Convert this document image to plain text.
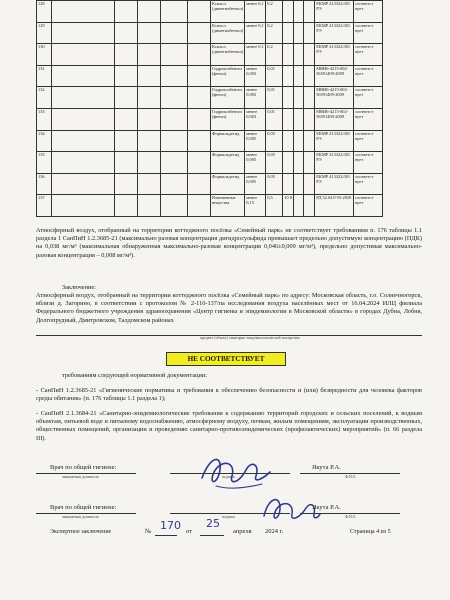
128						Ксилол (диметилбензол)	менее 0,1	0,2				ЕКМР 413322.001 РЭ	соответст вует
129						Ксилол (диметилбензол)	менее 0,1	0,2				ЕКМР 413322.001 РЭ	соответст вует
130						Ксилол (диметилбензол)	менее 0,1	0,2				ЕКМР 413322.001 РЭ	соответст вует
131						Гидроксибензол (фенол)	менее 0,003	0,01				МВИ6-4215-002-56591409-2009	соответст вует
132						Гидроксибензол (фенол)	менее 0,003	0,01				МВИ6-4215-002-56591409-2009	соответст вует
133						Гидроксибензол (фенол)	менее 0,003	0,01				МВИ6-4215-002-56591409-2009	соответст вует
134						Формальдегид	менее 0,005	0,05				ЕКМР 413322.001 РЭ	соответст вует
135						Формальдегид	менее 0,005	0,05				ЕКМР 413322.001 РЭ	соответст вует
136						Формальдегид	менее 0,005	0,05				ЕКМР 413322.001 РЭ	соответст вует
137						Взвешенные вещества	менее 0,15	0,5	10 8			РД 52.04.8 93-2020	соответст вует
Атмосферный воздух, отобранный на территории коттеджного посёлка «Семейный парк» не соответствует требованиям п. 176 таблицы 1.1 раздела 1 СанПиН 1.2.3685-21 (максимально разовая концентрация дигидросульфида превышает предельно допустимую концентрацию (ПДК) на 0,038 мг/м³ (максимальная обнаруженная максимально-разовая концентрация 0,046±0,009 мг/м³), предельно допустимая максимально-разовая концентрация – 0,008 мг/м³).
Заключение:
Атмосферный воздух, отобранный на территории коттеджного посёлка «Семейный парк» по адресу: Московская область, г.о. Солнечногорск, вблизи д. Загорино, в соответствии с протоколом № 2-110-137/па исследования воздуха населённых мест от 16.04.2024 ИЛЦ филиала Федерального бюджетного учреждения здравоохранения «Центр гигиены и эпидемиологии в Московской области» в городах Дубна, Лобня, Долгопрудный, Дмитровском, Талдомском районах
предмет (объект) санитарно-эпидемиологической экспертизы
НЕ СООТВЕТСТВУЕТ
требованиям следующей нормативной документации:
- СанПиН 1.2.3685-21 «Гигиенические нормативы и требования к обеспечению безопасности и (или) безвредности для человека факторов среды обитания» (п. 176 таблицы 1.1 раздела 1);
- СанПиН 2.1.3684-21 «Санитарно-эпидемиологические требования к содержанию территорий городских и сельских поселений, к водным объектам, питьевой воде и питьевому водоснабжению, атмосферному воздуху, почвам, жилым помещениям, эксплуатации производственных, общественных помещений, организации и проведению санитарно-противоэпидемических (профилактических) мероприятий» (п. 66 раздела III).
Врач по общей гигиене:
занимаемая должность	подпись
Якута Р.А.
Ф.И.О.
Врач по общей гигиене:
занимаемая должность	подпись
Якута Р.А.
Ф.И.О.
Экспертное заключение	№ 170 от
25
апреля 2024 г.	Страница 4 из 5
